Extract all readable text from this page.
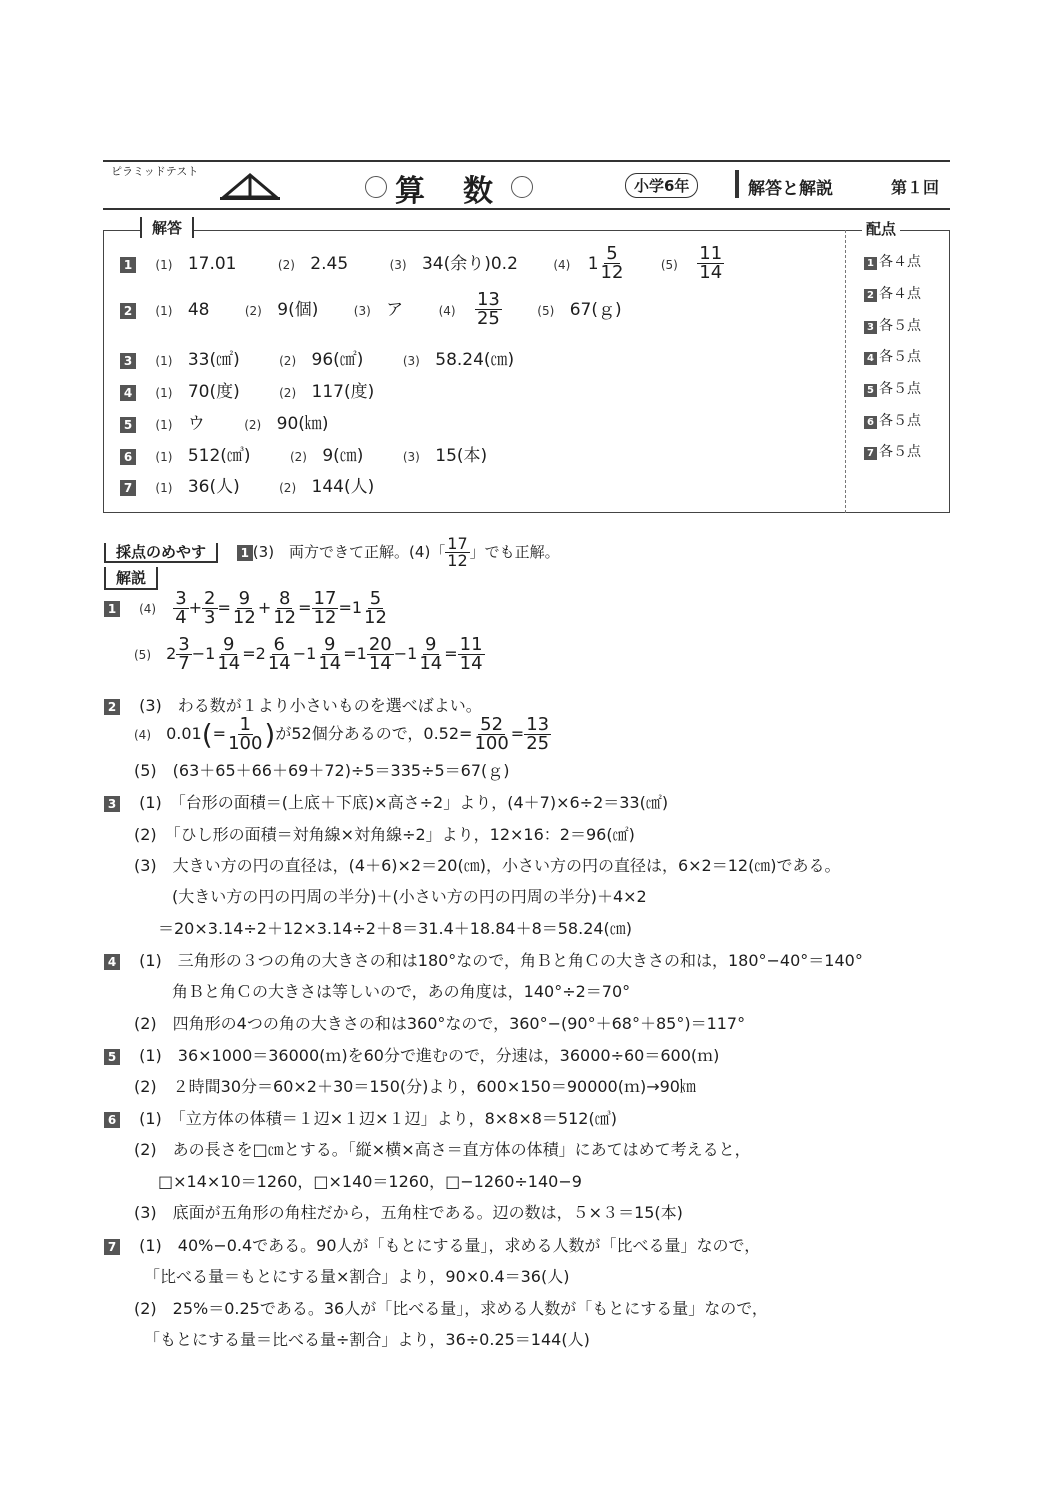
ピラミッドテスト
算数	小学6年	解答と解説	第１回
解答	配点
1 (1) 17.01	(2) 2.45	(3) 34(余り)0.2	(4) $1 \frac{5}{12}$	$(5) \frac{11}{14}$
2 (1) 48	(2) 9(個)	(3) ア	$(4) \frac{13}{25}$	(5) 67(ｇ)
3 (1) 33(㎠)	(2) 96(㎠)	(3) 58.24(㎝)
4 (1) 70(度)	(2) 117(度)
5 (1) ウ	(2) 90(㎞)
6 (1) 512(㎤)	(2) 9(㎝)	(3) 15(本)
7 (1) 36(人)	(2) 144(人)
1 各４点
2 各４点
3 各５点
4 各５点
5 各５点
6 各５点
7 各５点
採点のめやす	1 (3)　両方できて正解。(4)「 $\frac{17}{12}$ 」でも正解。
解説
1 $(4) \frac{3}{4} + \frac{2}{3} = \frac{9}{12} + \frac{8}{12} = \frac{17}{12} =1 \frac{5}{12}$
(5) $2 \frac{3}{7} -1 \frac{9}{14} =2 \frac{6}{14} -1 \frac{9}{14} =1 \frac{20}{14} -1 \frac{9}{14} = \frac{11}{14}$
2 (3)　わる数が１より小さいものを選べばよい。
(4) $0.01(= \frac{1}{100}$ )が52個分あるので，$0.52= \frac{52}{100} = \frac{13}{25}$
(5)　(63＋65＋66＋69＋72)÷5＝335÷5＝67(ｇ)
3 (1)　「台形の面積＝(上底＋下底)×高さ÷2」より，(4＋7)×6÷2＝33(㎠)
(2)　「ひし形の面積＝対角線×対角線÷2」より，12×16：2＝96(㎠)
(3)　大きい方の円の直径は，(4＋6)×2＝20(㎝)，小さい方の円の直径は，6×2＝12(㎝)である。
(大きい方の円の円周の半分)＋(小さい方の円の円周の半分)＋4×2
＝20×3.14÷2＋12×3.14÷2＋8＝31.4＋18.84＋8＝58.24(㎝)
4 (1)　三角形の３つの角の大きさの和は180°なので，角Ｂと角Ｃの大きさの和は，180°−40°＝140°
角Ｂと角Ｃの大きさは等しいので，あの角度は，140°÷2＝70°
(2)　四角形の4つの角の大きさの和は360°なので，360°−(90°＋68°＋85°)＝117°
5 (1)　36×1000＝36000(ｍ)を60分で進むので，分速は，36000÷60＝600(ｍ)
(2)　２時間30分＝60×2＋30＝150(分)より，600×150＝90000(ｍ)→90㎞
6 (1)　「立方体の体積＝１辺×１辺×１辺」より，8×8×8＝512(㎤)
(2)　あの長さを□㎝とする。「縦×横×高さ＝直方体の体積」にあてはめて考えると，
□×14×10＝1260，□×140＝1260，□−1260÷140−9
(3)　底面が五角形の角柱だから，五角柱である。辺の数は，５×３＝15(本)
7 (1)　40%−0.4である。90人が「もとにする量」，求める人数が「比べる量」なので，
「比べる量＝もとにする量×割合」より，90×0.4＝36(人)
(2)　25%＝0.25である。36人が「比べる量」，求める人数が「もとにする量」なので，
「もとにする量＝比べる量÷割合」より，36÷0.25＝144(人)
